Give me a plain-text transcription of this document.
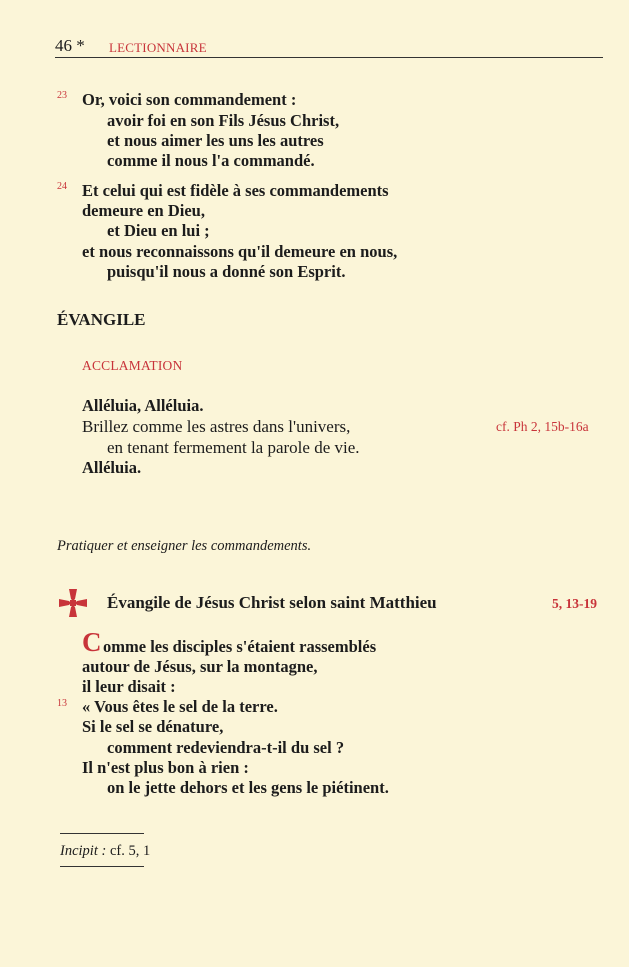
46 * LECTIONNAIRE
23 Or, voici son commandement :
avoir foi en son Fils Jésus Christ,
et nous aimer les uns les autres
comme il nous l'a commandé.
24 Et celui qui est fidèle à ses commandements
demeure en Dieu,
et Dieu en lui ;
et nous reconnaissons qu'il demeure en nous,
puisqu'il nous a donné son Esprit.
ÉVANGILE
ACCLAMATION
Alléluia, Alléluia.
Brillez comme les astres dans l'univers,	cf. Ph 2, 15b-16a
en tenant fermement la parole de vie.
Alléluia.
Pratiquer et enseigner les commandements.
Évangile de Jésus Christ selon saint Matthieu	5, 13-19
C omme les disciples s'étaient rassemblés
autour de Jésus, sur la montagne,
il leur disait :
13 « Vous êtes le sel de la terre.
Si le sel se dénature,
comment redeviendra-t-il du sel ?
Il n'est plus bon à rien :
on le jette dehors et les gens le piétinent.
Incipit : cf. 5, 1
